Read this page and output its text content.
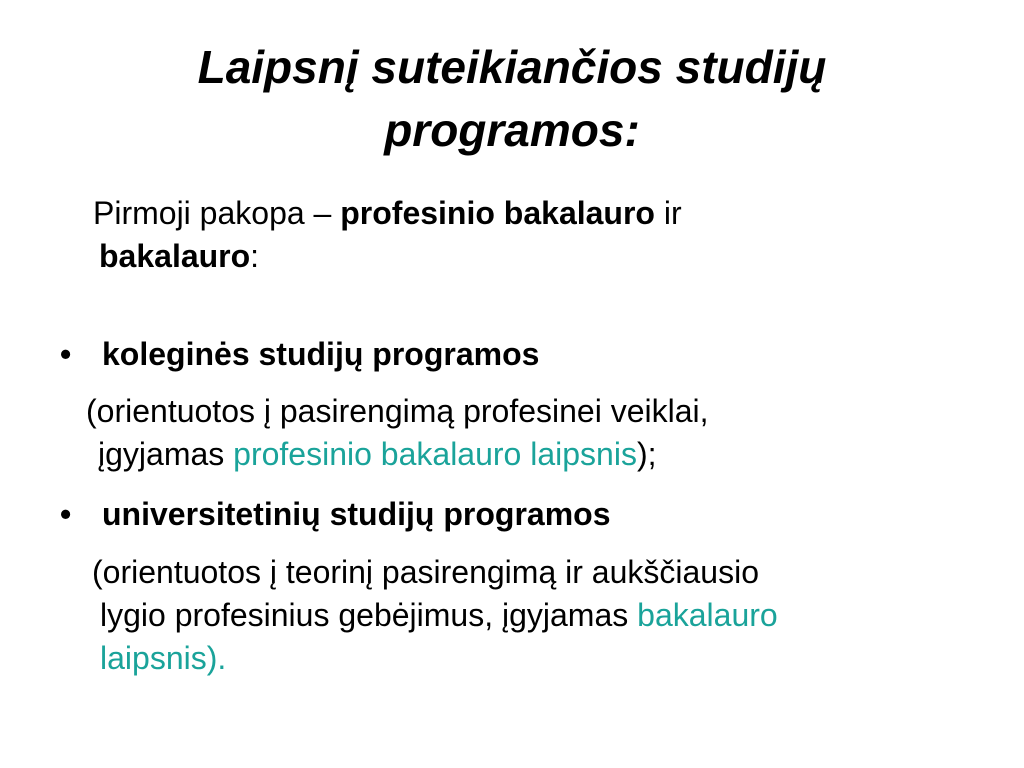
Laipsnį suteikiančios studijų
programos:

Pirmoji pakopa – profesinio bakalauro ir
bakalauro:

• koleginės studijų programos

(orientuotos į pasirengimą profesinei veiklai,
įgyjamas profesinio bakalauro laipsnis);

• universitetinių studijų programos

(orientuotos į teorinį pasirengimą ir aukščiausio
lygio profesinius gebėjimus, įgyjamas bakalauro
laipsnis).
